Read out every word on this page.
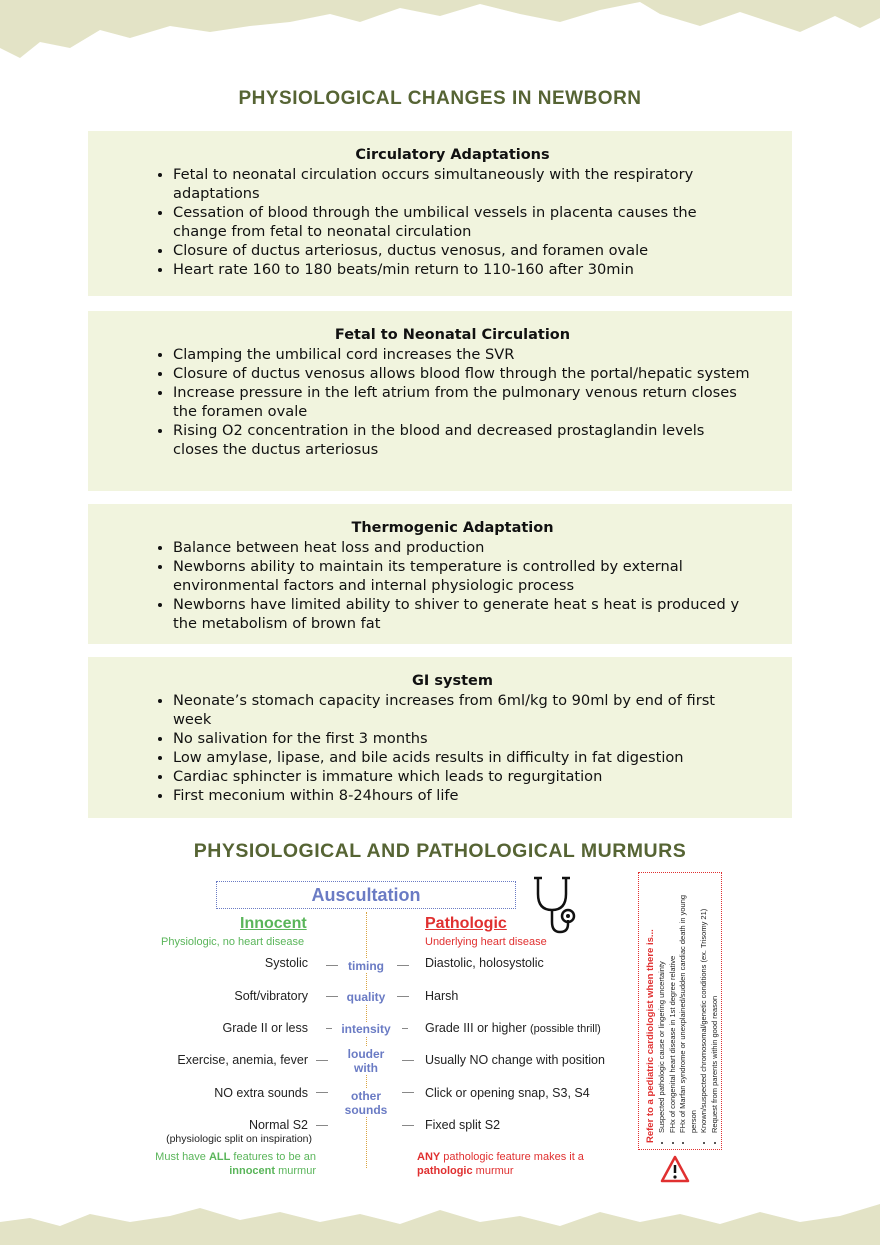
PHYSIOLOGICAL CHANGES IN NEWBORN
Circulatory Adaptations
• Fetal to neonatal circulation occurs simultaneously with the respiratory adaptations
• Cessation of blood through the umbilical vessels in placenta causes the change from fetal to neonatal circulation
• Closure of ductus arteriosus, ductus venosus, and foramen ovale
• Heart rate 160 to 180 beats/min return to 110-160 after 30min
Fetal to Neonatal Circulation
• Clamping the umbilical cord increases the SVR
• Closure of ductus venosus allows blood flow through the portal/hepatic system
• Increase pressure in the left atrium from the pulmonary venous return closes the foramen ovale
• Rising O2 concentration in the blood and decreased prostaglandin levels closes the ductus arteriosus
Thermogenic Adaptation
• Balance between heat loss and production
• Newborns ability to maintain its temperature is controlled by external environmental factors and internal physiologic process
• Newborns have limited ability to shiver to generate heat s heat is produced y the metabolism of brown fat
GI system
• Neonate’s stomach capacity increases from 6ml/kg to 90ml by end of first week
• No salivation for the first 3 months
• Low amylase, lipase, and bile acids results in difficulty in fat digestion
• Cardiac sphincter is immature which leads to regurgitation
• First meconium within 8-24hours of life
PHYSIOLOGICAL AND PATHOLOGICAL MURMURS
Auscultation
Innocent	Pathologic
Physiologic, no heart disease	Underlying heart disease
Systolic
Soft/vibratory
Grade II or less
Exercise, anemia, fever
NO extra sounds
Normal S2
(physiologic split on inspiration)
timing
quality
intensity
louder with
other sounds
Diastolic, holosystolic
Harsh
Grade III or higher (possible thrill)
Usually NO change with position
Click or opening snap, S3, S4
Fixed split S2
Must have ALL features to be an
innocent murmur
ANY pathologic feature makes it a
pathologic murmur
Refer to a pediatric cardiologist when there is... • Suspected pathologic cause or lingering uncertainty • FHx of congenital heart disease in 1st degree relative • FHx of Marfan syndrome or unexplained/sudden cardiac death in young person • Known/suspected chromosomal/genetic conditions (ex. Trisomy 21) • Request from parents within good reason
